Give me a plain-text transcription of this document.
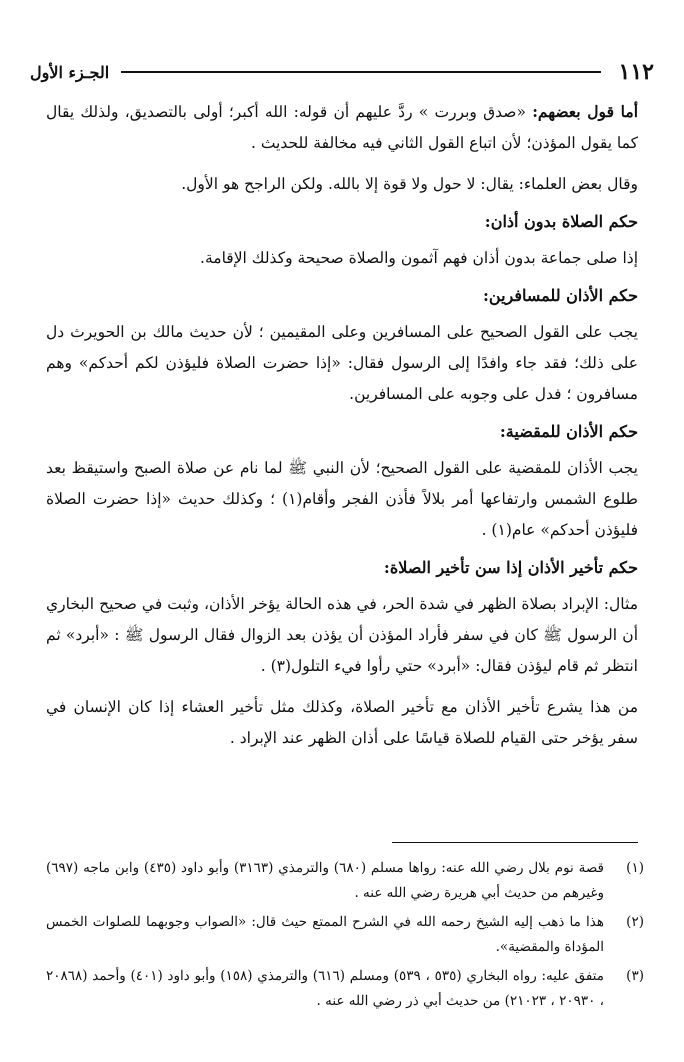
١١٢
الجـزء الأول

أما قول بعضهم: «صدق وبررت » ردَّ عليهم أن قوله: الله أكبر؛ أولى بالتصديق، ولذلك يقال كما يقول المؤذن؛ لأن اتباع القول الثاني فيه مخالفة للحديث .

وقال بعض العلماء: يقال: لا حول ولا قوة إلا بالله. ولكن الراجح هو الأول.

حكم الصلاة بدون أذان:

إذا صلى جماعة بدون أذان فهم آثمون والصلاة صحيحة وكذلك الإقامة.

حكم الأذان للمسافرين:

يجب على القول الصحيح على المسافرين وعلى المقيمين ؛ لأن حديث مالك بن الحويرث دل على ذلك؛ فقد جاء وافدًا إلى الرسول فقال: «إذا حضرت الصلاة فليؤذن لكم أحدكم» وهم مسافرون ؛ فدل على وجوبه على المسافرين.

حكم الأذان للمقضية:

يجب الأذان للمقضية على القول الصحيح؛ لأن النبي ﷺ لما نام عن صلاة الصبح واستيقظ بعد طلوع الشمس وارتفاعها أمر بلالاً فأذن الفجر وأقام(١) ؛ وكذلك حديث «إذا حضرت الصلاة فليؤذن أحدكم» عام(١) .

حكم تأخير الأذان إذا سن تأخير الصلاة:

مثال: الإبراد بصلاة الظهر في شدة الحر، في هذه الحالة يؤخر الأذان، وثبت في صحيح البخاري أن الرسول ﷺ كان في سفر فأراد المؤذن أن يؤذن بعد الزوال فقال الرسول ﷺ : «أبرد» ثم انتظر ثم قام ليؤذن فقال: «أبرد» حتي رأوا فيء التلول(٣) .

من هذا يشرع تأخير الأذان مع تأخير الصلاة، وكذلك مثل تأخير العشاء إذا كان الإنسان في سفر يؤخر حتى القيام للصلاة قياسًا على أذان الظهر عند الإبراد .

(١)
قصة نوم بلال رضي الله عنه: رواها مسلم (٦٨٠) والترمذي (٣١٦٣) وأبو داود (٤٣٥) وابن ماجه (٦٩٧) وغيرهم من حديث أبي هريرة رضي الله عنه .
(٢)
هذا ما ذهب إليه الشيخ رحمه الله في الشرح الممتع حيث قال: «الصواب وجوبهما للصلوات الخمس المؤداة والمقضية».
(٣)
متفق عليه: رواه البخاري (٥٣٥ ، ٥٣٩) ومسلم (٦١٦) والترمذي (١٥٨) وأبو داود (٤٠١) وأحمد (٢٠٨٦٨ ، ٢٠٩٣٠ ، ٢١٠٢٣) من حديث أبي ذر رضي الله عنه .
